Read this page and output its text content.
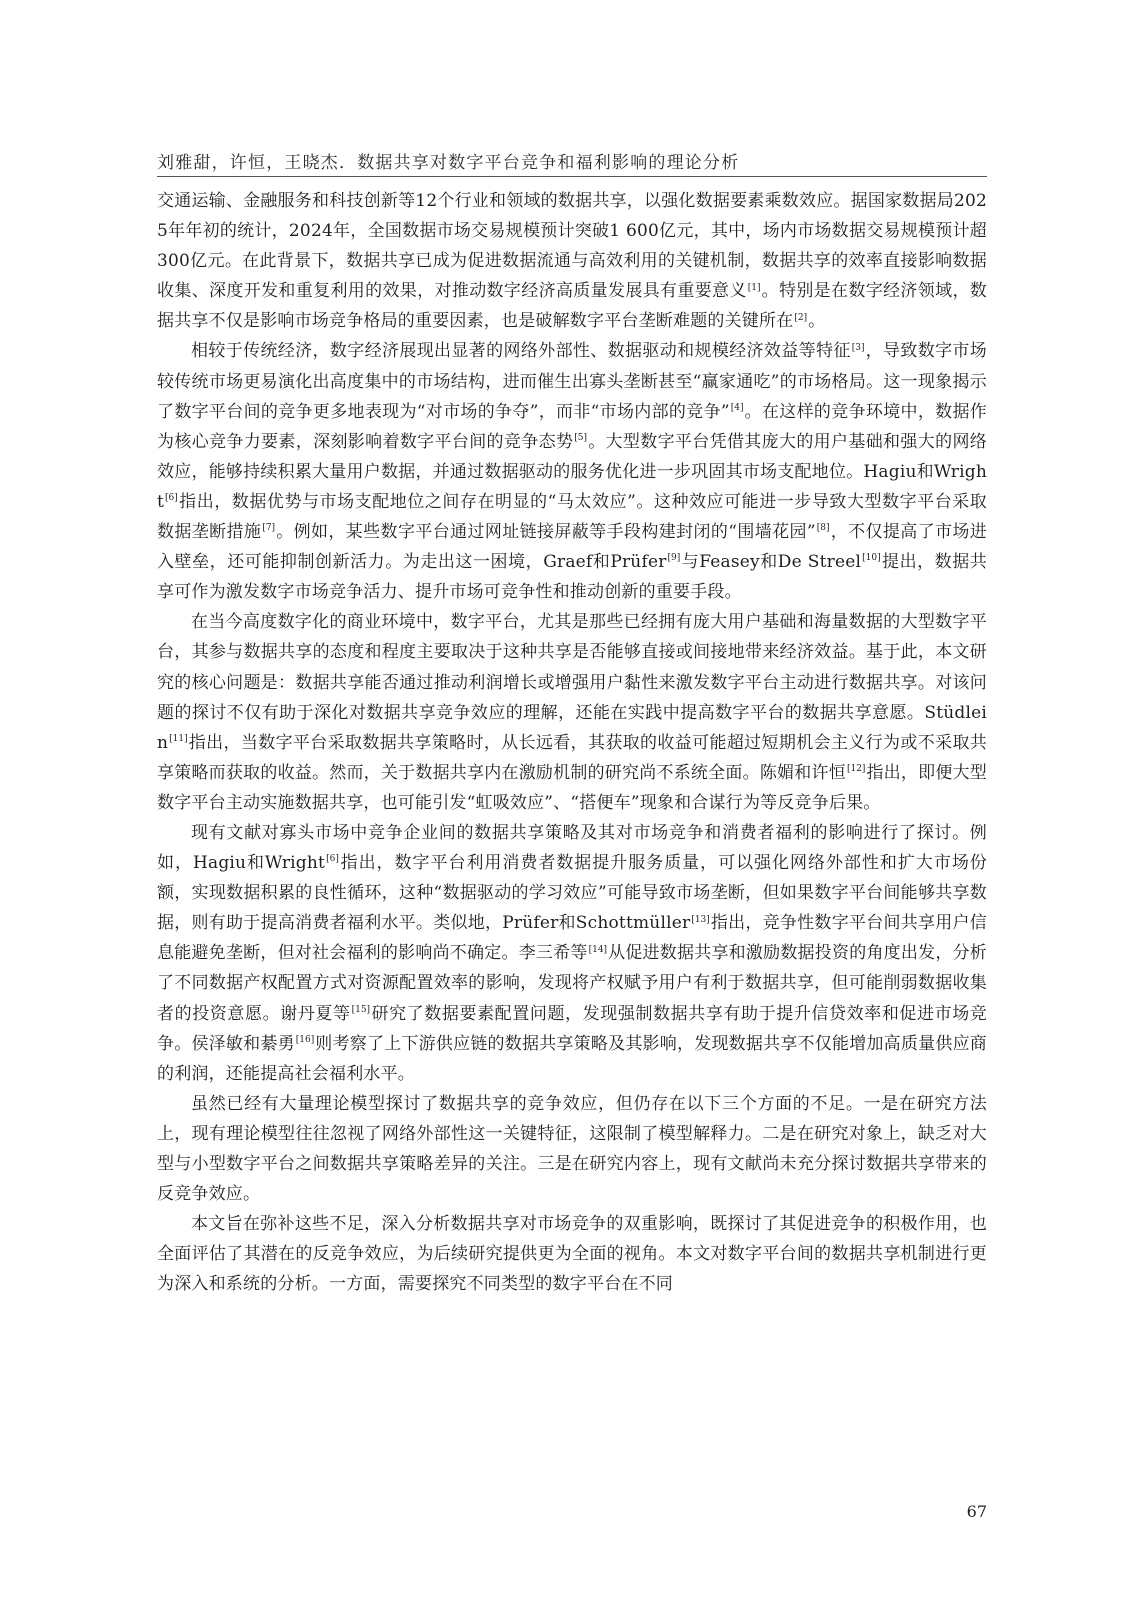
刘雅甜，许恒，王晓杰．数据共享对数字平台竞争和福利影响的理论分析

交通运输、金融服务和科技创新等12个行业和领域的数据共享，以强化数据要素乘数效应。据国家数据局2025年年初的统计，2024年，全国数据市场交易规模预计突破1 600亿元，其中，场内市场数据交易规模预计超300亿元。在此背景下，数据共享已成为促进数据流通与高效利用的关键机制，数据共享的效率直接影响数据收集、深度开发和重复利用的效果，对推动数字经济高质量发展具有重要意义[1]。特别是在数字经济领域，数据共享不仅是影响市场竞争格局的重要因素，也是破解数字平台垄断难题的关键所在[2]。

相较于传统经济，数字经济展现出显著的网络外部性、数据驱动和规模经济效益等特征[3]，导致数字市场较传统市场更易演化出高度集中的市场结构，进而催生出寡头垄断甚至“赢家通吃”的市场格局。这一现象揭示了数字平台间的竞争更多地表现为“对市场的争夺”，而非“市场内部的竞争”[4]。在这样的竞争环境中，数据作为核心竞争力要素，深刻影响着数字平台间的竞争态势[5]。大型数字平台凭借其庞大的用户基础和强大的网络效应，能够持续积累大量用户数据，并通过数据驱动的服务优化进一步巩固其市场支配地位。Hagiu和Wright[6]指出，数据优势与市场支配地位之间存在明显的“马太效应”。这种效应可能进一步导致大型数字平台采取数据垄断措施[7]。例如，某些数字平台通过网址链接屏蔽等手段构建封闭的“围墙花园”[8]，不仅提高了市场进入壁垒，还可能抑制创新活力。为走出这一困境，Graef和Prüfer[9]与Feasey和De Streel[10]提出，数据共享可作为激发数字市场竞争活力、提升市场可竞争性和推动创新的重要手段。

在当今高度数字化的商业环境中，数字平台，尤其是那些已经拥有庞大用户基础和海量数据的大型数字平台，其参与数据共享的态度和程度主要取决于这种共享是否能够直接或间接地带来经济效益。基于此，本文研究的核心问题是：数据共享能否通过推动利润增长或增强用户黏性来激发数字平台主动进行数据共享。对该问题的探讨不仅有助于深化对数据共享竞争效应的理解，还能在实践中提高数字平台的数据共享意愿。Stüdlein[11]指出，当数字平台采取数据共享策略时，从长远看，其获取的收益可能超过短期机会主义行为或不采取共享策略而获取的收益。然而，关于数据共享内在激励机制的研究尚不系统全面。陈媚和许恒[12]指出，即便大型数字平台主动实施数据共享，也可能引发“虹吸效应”、“搭便车”现象和合谋行为等反竞争后果。

现有文献对寡头市场中竞争企业间的数据共享策略及其对市场竞争和消费者福利的影响进行了探讨。例如，Hagiu和Wright[6]指出，数字平台利用消费者数据提升服务质量，可以强化网络外部性和扩大市场份额，实现数据积累的良性循环，这种“数据驱动的学习效应”可能导致市场垄断，但如果数字平台间能够共享数据，则有助于提高消费者福利水平。类似地，Prüfer和Schottmüller[13]指出，竞争性数字平台间共享用户信息能避免垄断，但对社会福利的影响尚不确定。李三希等[14]从促进数据共享和激励数据投资的角度出发，分析了不同数据产权配置方式对资源配置效率的影响，发现将产权赋予用户有利于数据共享，但可能削弱数据收集者的投资意愿。谢丹夏等[15]研究了数据要素配置问题，发现强制数据共享有助于提升信贷效率和促进市场竞争。侯泽敏和綦勇[16]则考察了上下游供应链的数据共享策略及其影响，发现数据共享不仅能增加高质量供应商的利润，还能提高社会福利水平。

虽然已经有大量理论模型探讨了数据共享的竞争效应，但仍存在以下三个方面的不足。一是在研究方法上，现有理论模型往往忽视了网络外部性这一关键特征，这限制了模型解释力。二是在研究对象上，缺乏对大型与小型数字平台之间数据共享策略差异的关注。三是在研究内容上，现有文献尚未充分探讨数据共享带来的反竞争效应。

本文旨在弥补这些不足，深入分析数据共享对市场竞争的双重影响，既探讨了其促进竞争的积极作用，也全面评估了其潜在的反竞争效应，为后续研究提供更为全面的视角。本文对数字平台间的数据共享机制进行更为深入和系统的分析。一方面，需要探究不同类型的数字平台在不同

67
